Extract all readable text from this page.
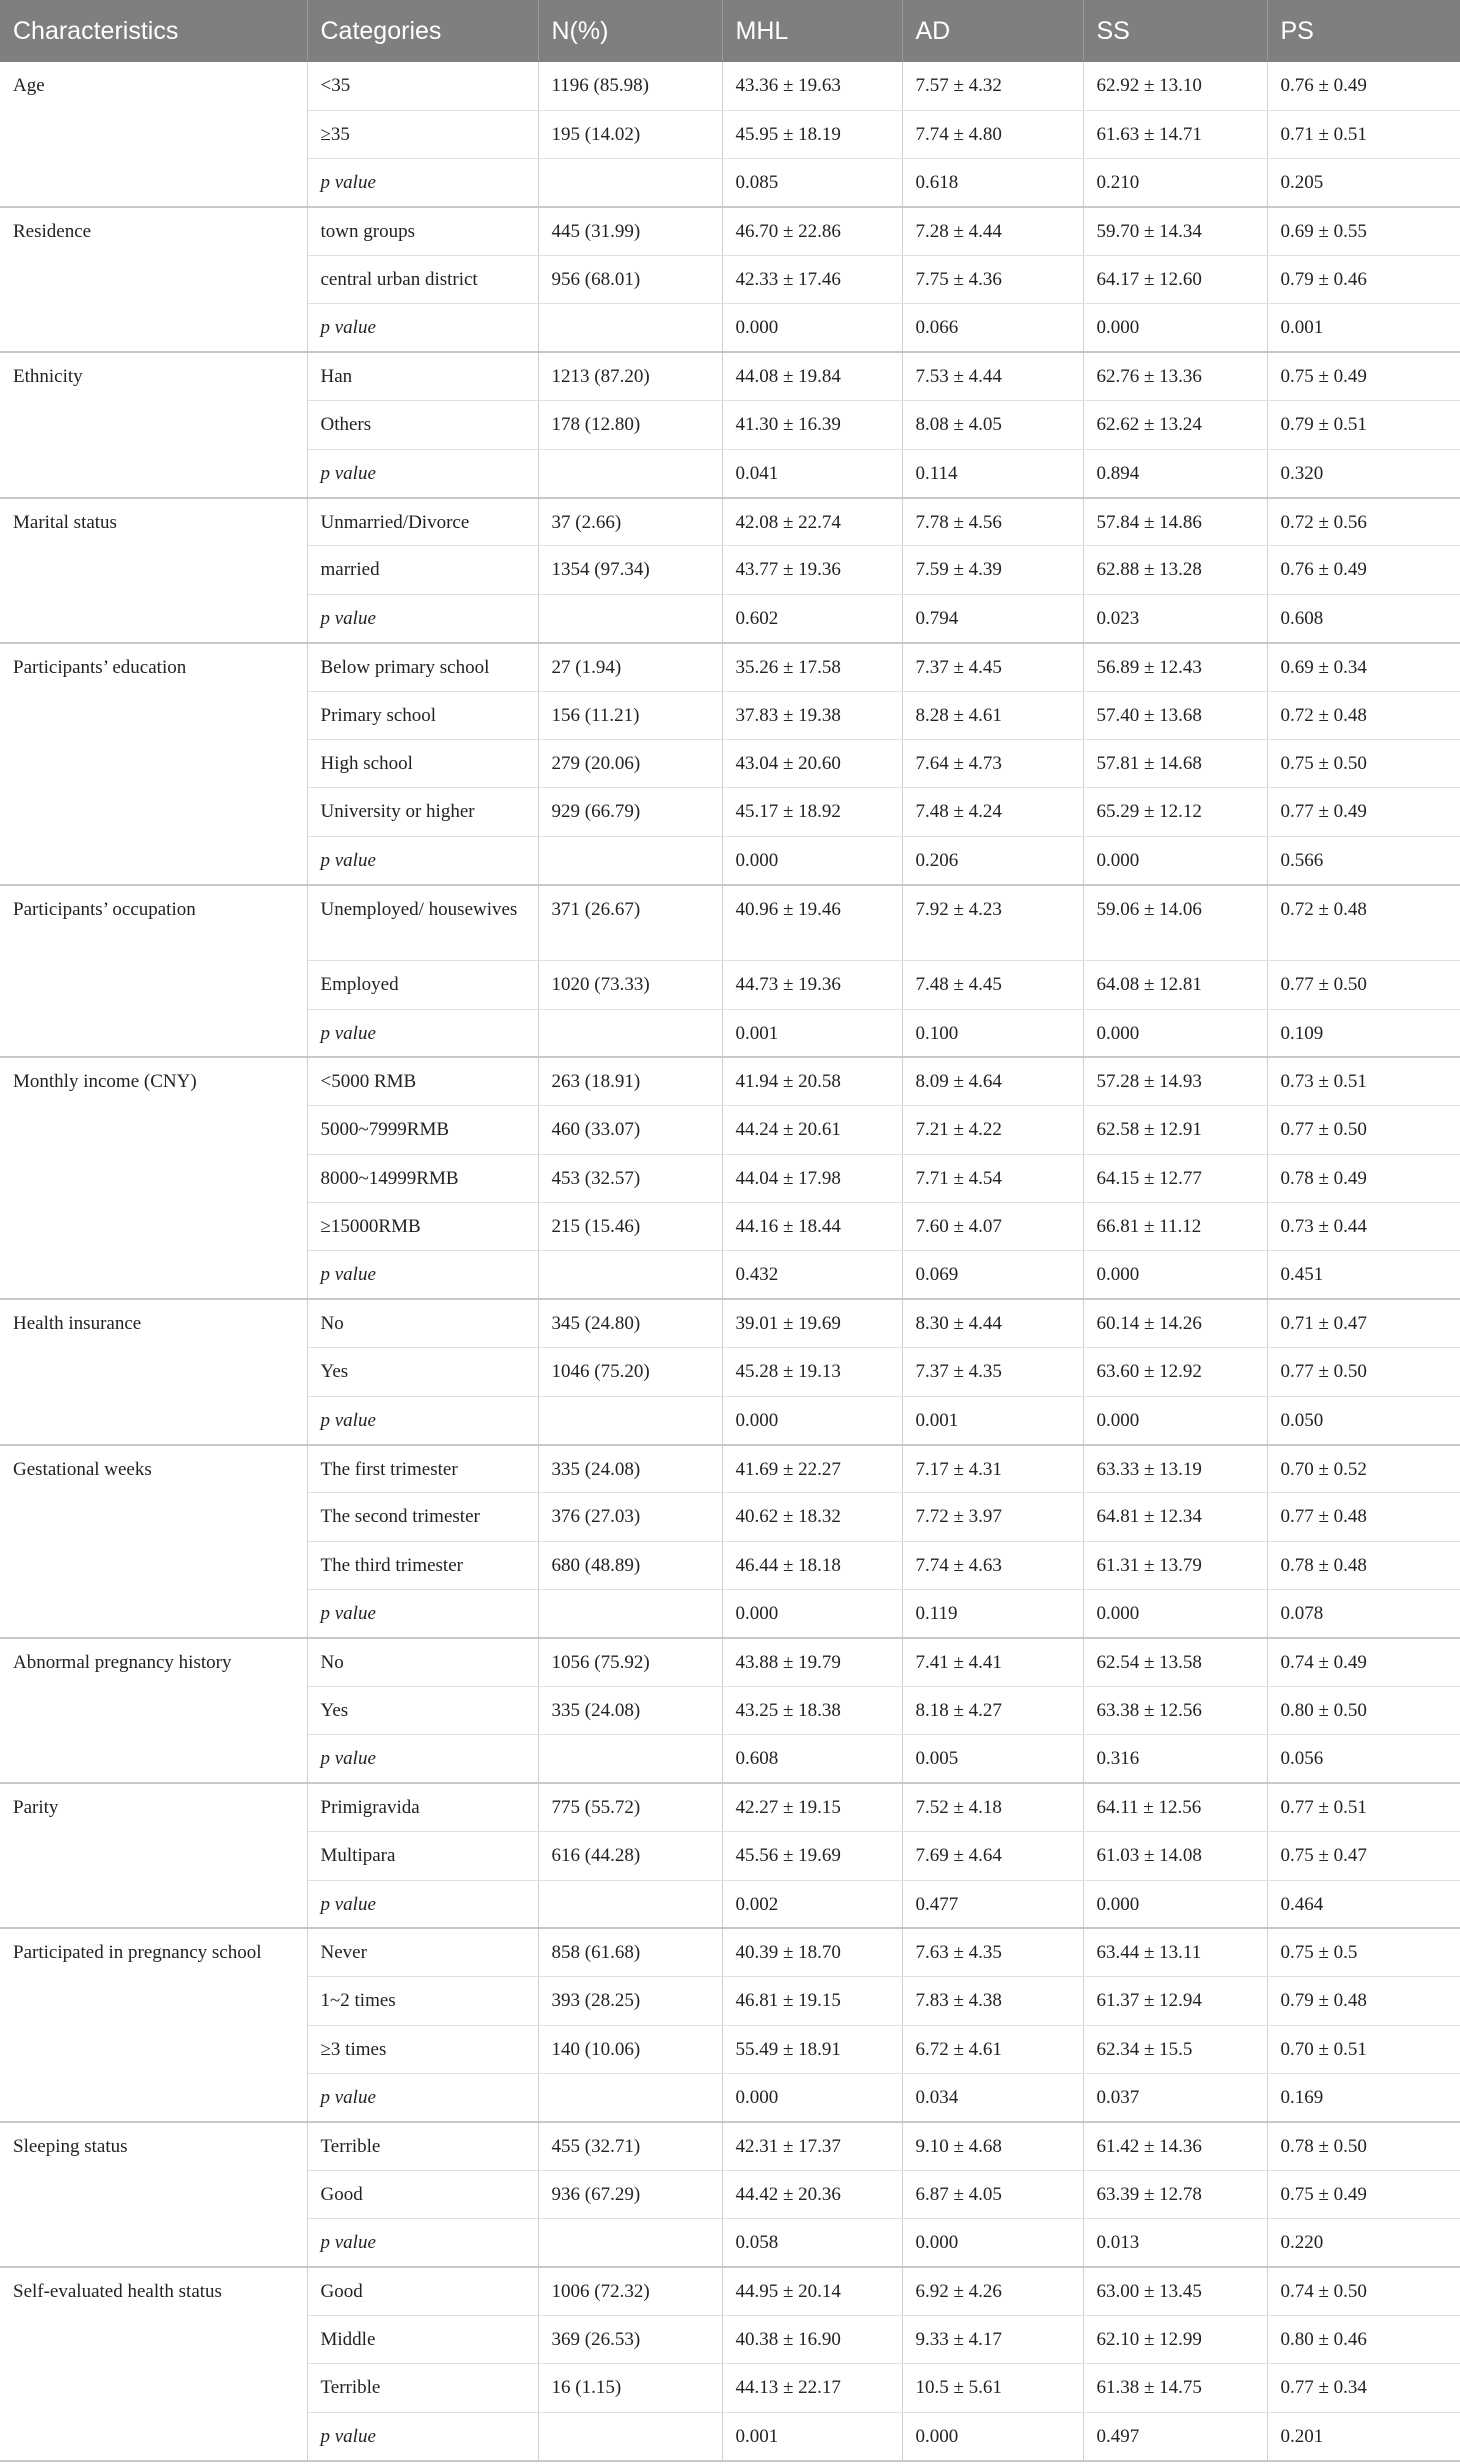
Characteristics	Categories	N(%)	MHL	AD	SS	PS
Age	<35	1196 (85.98)	43.36 ± 19.63	7.57 ± 4.32	62.92 ± 13.10	0.76 ± 0.49
	≥35	195 (14.02)	45.95 ± 18.19	7.74 ± 4.80	61.63 ± 14.71	0.71 ± 0.51
	p value		0.085	0.618	0.210	0.205
Residence	town groups	445 (31.99)	46.70 ± 22.86	7.28 ± 4.44	59.70 ± 14.34	0.69 ± 0.55
	central urban district	956 (68.01)	42.33 ± 17.46	7.75 ± 4.36	64.17 ± 12.60	0.79 ± 0.46
	p value		0.000	0.066	0.000	0.001
Ethnicity	Han	1213 (87.20)	44.08 ± 19.84	7.53 ± 4.44	62.76 ± 13.36	0.75 ± 0.49
	Others	178 (12.80)	41.30 ± 16.39	8.08 ± 4.05	62.62 ± 13.24	0.79 ± 0.51
	p value		0.041	0.114	0.894	0.320
Marital status	Unmarried/Divorce	37 (2.66)	42.08 ± 22.74	7.78 ± 4.56	57.84 ± 14.86	0.72 ± 0.56
	married	1354 (97.34)	43.77 ± 19.36	7.59 ± 4.39	62.88 ± 13.28	0.76 ± 0.49
	p value		0.602	0.794	0.023	0.608
Participants’ education	Below primary school	27 (1.94)	35.26 ± 17.58	7.37 ± 4.45	56.89 ± 12.43	0.69 ± 0.34
	Primary school	156 (11.21)	37.83 ± 19.38	8.28 ± 4.61	57.40 ± 13.68	0.72 ± 0.48
	High school	279 (20.06)	43.04 ± 20.60	7.64 ± 4.73	57.81 ± 14.68	0.75 ± 0.50
	University or higher	929 (66.79)	45.17 ± 18.92	7.48 ± 4.24	65.29 ± 12.12	0.77 ± 0.49
	p value		0.000	0.206	0.000	0.566
Participants’ occupation	Unemployed/ housewives	371 (26.67)	40.96 ± 19.46	7.92 ± 4.23	59.06 ± 14.06	0.72 ± 0.48
	Employed	1020 (73.33)	44.73 ± 19.36	7.48 ± 4.45	64.08 ± 12.81	0.77 ± 0.50
	p value		0.001	0.100	0.000	0.109
Monthly income (CNY)	<5000 RMB	263 (18.91)	41.94 ± 20.58	8.09 ± 4.64	57.28 ± 14.93	0.73 ± 0.51
	5000~7999RMB	460 (33.07)	44.24 ± 20.61	7.21 ± 4.22	62.58 ± 12.91	0.77 ± 0.50
	8000~14999RMB	453 (32.57)	44.04 ± 17.98	7.71 ± 4.54	64.15 ± 12.77	0.78 ± 0.49
	≥15000RMB	215 (15.46)	44.16 ± 18.44	7.60 ± 4.07	66.81 ± 11.12	0.73 ± 0.44
	p value		0.432	0.069	0.000	0.451
Health insurance	No	345 (24.80)	39.01 ± 19.69	8.30 ± 4.44	60.14 ± 14.26	0.71 ± 0.47
	Yes	1046 (75.20)	45.28 ± 19.13	7.37 ± 4.35	63.60 ± 12.92	0.77 ± 0.50
	p value		0.000	0.001	0.000	0.050
Gestational weeks	The first trimester	335 (24.08)	41.69 ± 22.27	7.17 ± 4.31	63.33 ± 13.19	0.70 ± 0.52
	The second trimester	376 (27.03)	40.62 ± 18.32	7.72 ± 3.97	64.81 ± 12.34	0.77 ± 0.48
	The third trimester	680 (48.89)	46.44 ± 18.18	7.74 ± 4.63	61.31 ± 13.79	0.78 ± 0.48
	p value		0.000	0.119	0.000	0.078
Abnormal pregnancy history	No	1056 (75.92)	43.88 ± 19.79	7.41 ± 4.41	62.54 ± 13.58	0.74 ± 0.49
	Yes	335 (24.08)	43.25 ± 18.38	8.18 ± 4.27	63.38 ± 12.56	0.80 ± 0.50
	p value		0.608	0.005	0.316	0.056
Parity	Primigravida	775 (55.72)	42.27 ± 19.15	7.52 ± 4.18	64.11 ± 12.56	0.77 ± 0.51
	Multipara	616 (44.28)	45.56 ± 19.69	7.69 ± 4.64	61.03 ± 14.08	0.75 ± 0.47
	p value		0.002	0.477	0.000	0.464
Participated in pregnancy school	Never	858 (61.68)	40.39 ± 18.70	7.63 ± 4.35	63.44 ± 13.11	0.75 ± 0.5
	1~2 times	393 (28.25)	46.81 ± 19.15	7.83 ± 4.38	61.37 ± 12.94	0.79 ± 0.48
	≥3 times	140 (10.06)	55.49 ± 18.91	6.72 ± 4.61	62.34 ± 15.5	0.70 ± 0.51
	p value		0.000	0.034	0.037	0.169
Sleeping status	Terrible	455 (32.71)	42.31 ± 17.37	9.10 ± 4.68	61.42 ± 14.36	0.78 ± 0.50
	Good	936 (67.29)	44.42 ± 20.36	6.87 ± 4.05	63.39 ± 12.78	0.75 ± 0.49
	p value		0.058	0.000	0.013	0.220
Self-evaluated health status	Good	1006 (72.32)	44.95 ± 20.14	6.92 ± 4.26	63.00 ± 13.45	0.74 ± 0.50
	Middle	369 (26.53)	40.38 ± 16.90	9.33 ± 4.17	62.10 ± 12.99	0.80 ± 0.46
	Terrible	16 (1.15)	44.13 ± 22.17	10.5 ± 5.61	61.38 ± 14.75	0.77 ± 0.34
	p value		0.001	0.000	0.497	0.201
